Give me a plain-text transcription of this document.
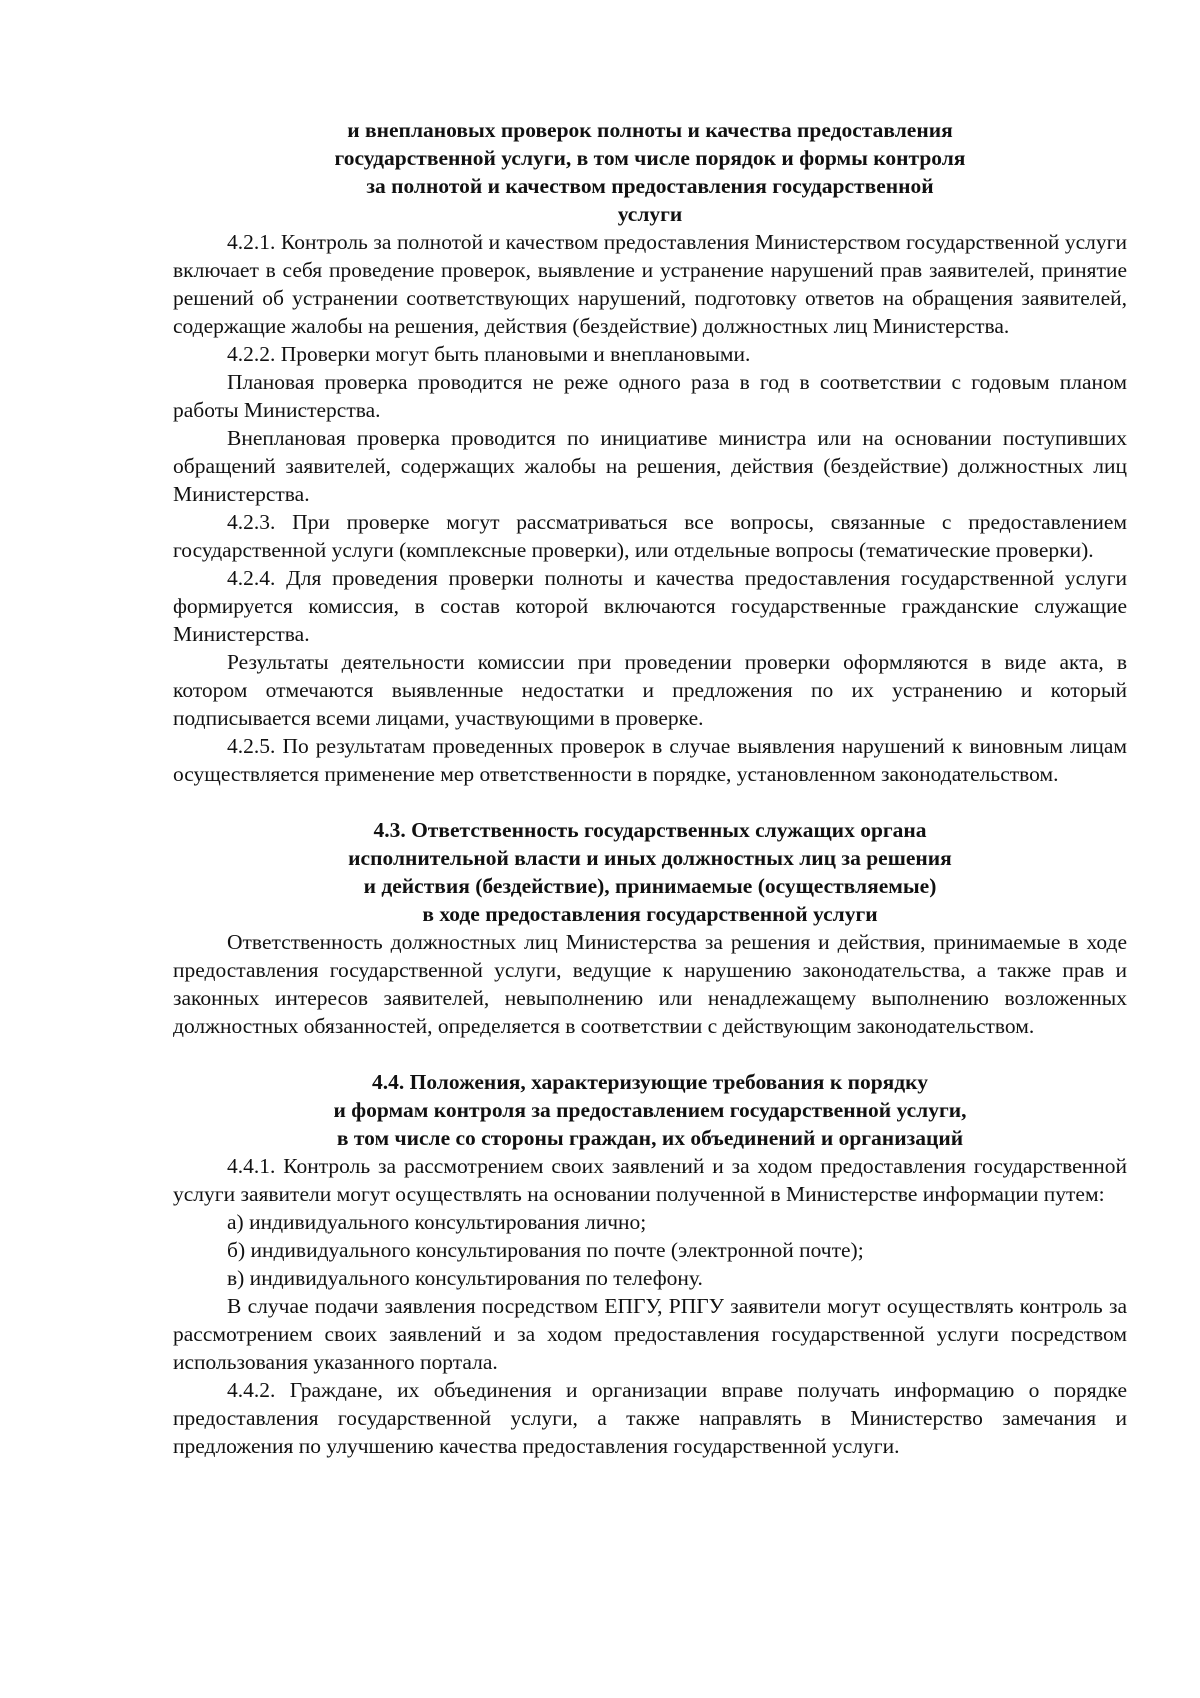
и внеплановых проверок полноты и качества предоставления
государственной услуги, в том числе порядок и формы контроля
за полнотой и качеством предоставления государственной
услуги

4.2.1. Контроль за полнотой и качеством предоставления Министерством государственной услуги включает в себя проведение проверок, выявление и устранение нарушений прав заявителей, принятие решений об устранении соответствующих нарушений, подготовку ответов на обращения заявителей, содержащие жалобы на решения, действия (бездействие) должностных лиц Министерства.

4.2.2. Проверки могут быть плановыми и внеплановыми.

Плановая проверка проводится не реже одного раза в год в соответствии с годовым планом работы Министерства.

Внеплановая проверка проводится по инициативе министра или на основании поступивших обращений заявителей, содержащих жалобы на решения, действия (бездействие) должностных лиц Министерства.

4.2.3. При проверке могут рассматриваться все вопросы, связанные с предоставлением государственной услуги (комплексные проверки), или отдельные вопросы (тематические проверки).

4.2.4. Для проведения проверки полноты и качества предоставления государственной услуги формируется комиссия, в состав которой включаются государственные гражданские служащие Министерства.

Результаты деятельности комиссии при проведении проверки оформляются в виде акта, в котором отмечаются выявленные недостатки и предложения по их устранению и который подписывается всеми лицами, участвующими в проверке.

4.2.5. По результатам проведенных проверок в случае выявления нарушений к виновным лицам осуществляется применение мер ответственности в порядке, установленном законодательством.

4.3. Ответственность государственных служащих органа
исполнительной власти и иных должностных лиц за решения
и действия (бездействие), принимаемые (осуществляемые)
в ходе предоставления государственной услуги

Ответственность должностных лиц Министерства за решения и действия, принимаемые в ходе предоставления государственной услуги, ведущие к нарушению законодательства, а также прав и законных интересов заявителей, невыполнению или ненадлежащему выполнению возложенных должностных обязанностей, определяется в соответствии с действующим законодательством.

4.4. Положения, характеризующие требования к порядку
и формам контроля за предоставлением государственной услуги,
в том числе со стороны граждан, их объединений и организаций

4.4.1. Контроль за рассмотрением своих заявлений и за ходом предоставления государственной услуги заявители могут осуществлять на основании полученной в Министерстве информации путем:

а) индивидуального консультирования лично;

б) индивидуального консультирования по почте (электронной почте);

в) индивидуального консультирования по телефону.

В случае подачи заявления посредством ЕПГУ, РПГУ заявители могут осуществлять контроль за рассмотрением своих заявлений и за ходом предоставления государственной услуги посредством использования указанного портала.

4.4.2. Граждане, их объединения и организации вправе получать информацию о порядке предоставления государственной услуги, а также направлять в Министерство замечания и предложения по улучшению качества предоставления государственной услуги.
